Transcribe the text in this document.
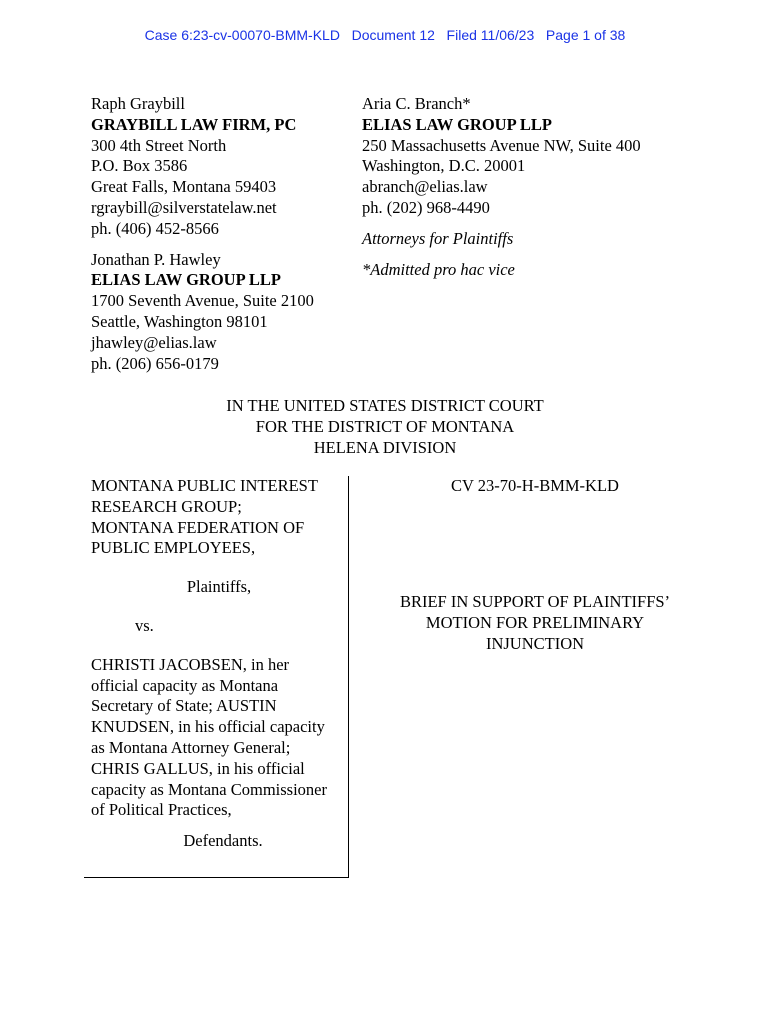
Case 6:23-cv-00070-BMM-KLD   Document 12   Filed 11/06/23   Page 1 of 38
Raph Graybill
GRAYBILL LAW FIRM, PC
300 4th Street North
P.O. Box 3586
Great Falls, Montana 59403
rgraybill@silverstatelaw.net
ph. (406) 452-8566
Jonathan P. Hawley
ELIAS LAW GROUP LLP
1700 Seventh Avenue, Suite 2100
Seattle, Washington 98101
jhawley@elias.law
ph. (206) 656-0179
Aria C. Branch*
ELIAS LAW GROUP LLP
250 Massachusetts Avenue NW, Suite 400
Washington, D.C. 20001
abranch@elias.law
ph. (202) 968-4490
Attorneys for Plaintiffs
*Admitted pro hac vice
IN THE UNITED STATES DISTRICT COURT
FOR THE DISTRICT OF MONTANA
HELENA DIVISION
MONTANA PUBLIC INTEREST
RESEARCH GROUP;
MONTANA FEDERATION OF
PUBLIC EMPLOYEES,
Plaintiffs,
vs.
CHRISTI JACOBSEN, in her
official capacity as Montana
Secretary of State; AUSTIN
KNUDSEN, in his official capacity
as Montana Attorney General;
CHRIS GALLUS, in his official
capacity as Montana Commissioner
of Political Practices,
Defendants.
CV 23-70-H-BMM-KLD
BRIEF IN SUPPORT OF PLAINTIFFS’
MOTION FOR PRELIMINARY
INJUNCTION
